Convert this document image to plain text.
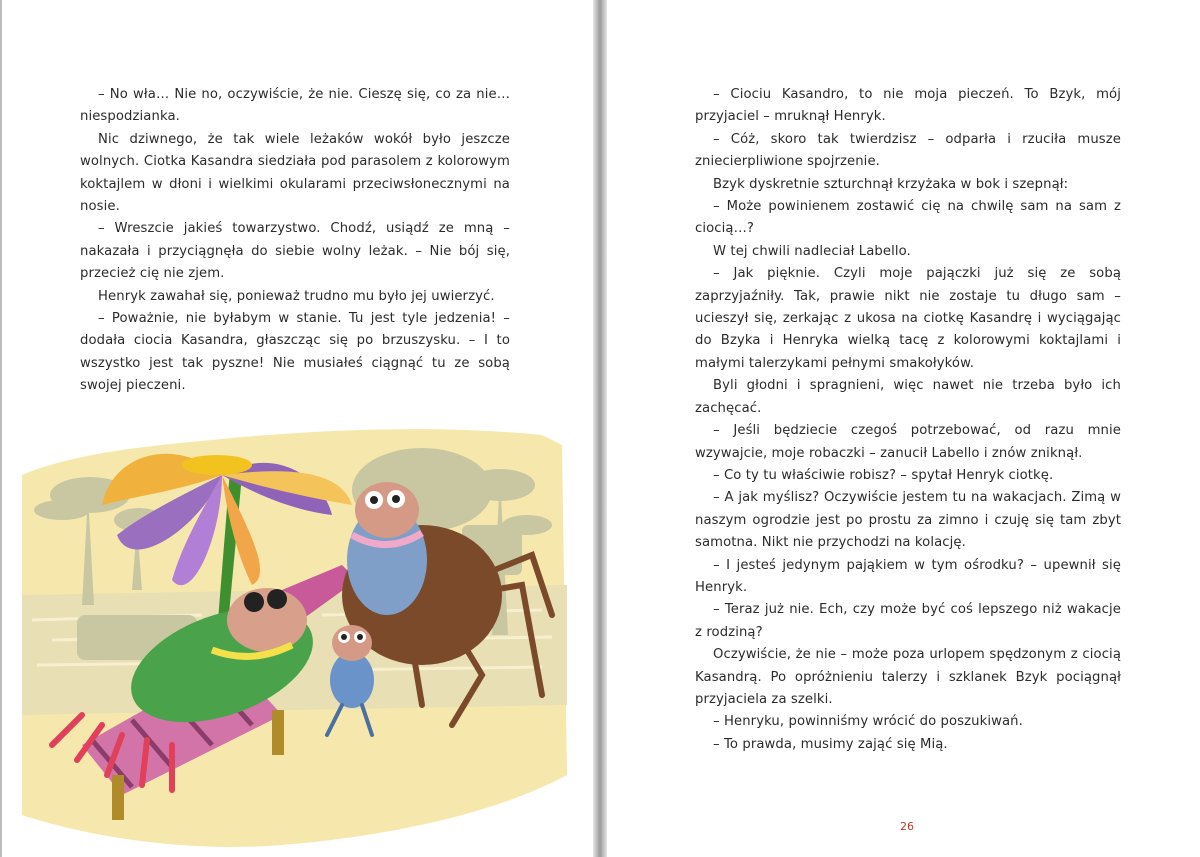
– No wła… Nie no, oczywiście, że nie. Cieszę się, co za nie… niespodzianka.

Nic dziwnego, że tak wiele leżaków wokół było jeszcze wolnych. Ciotka Kasandra siedziała pod parasolem z kolorowym koktajlem w dłoni i wielkimi okularami przeciwsłonecznymi na nosie.

– Wreszcie jakieś towarzystwo. Chodź, usiądź ze mną – nakazała i przyciągnęła do siebie wolny leżak. – Nie bój się, przecież cię nie zjem.

Henryk zawahał się, ponieważ trudno mu było jej uwierzyć.

– Poważnie, nie byłabym w stanie. Tu jest tyle jedzenia! – dodała ciocia Kasandra, głaszcząc się po brzuszysku. – I to wszystko jest tak pyszne! Nie musiałeś ciągnąć tu ze sobą swojej pieczeni.

– Ciociu Kasandro, to nie moja pieczeń. To Bzyk, mój przyjaciel – mruknął Henryk.

– Cóż, skoro tak twierdzisz – odparła i rzuciła musze zniecierpliwione spojrzenie.

Bzyk dyskretnie szturchnął krzyżaka w bok i szepnął:

– Może powinienem zostawić cię na chwilę sam na sam z ciocią…?

W tej chwili nadleciał Labello.

– Jak pięknie. Czyli moje pajączki już się ze sobą zaprzyjaźniły. Tak, prawie nikt nie zostaje tu długo sam – ucieszył się, zerkając z ukosa na ciotkę Kasandrę i wyciągając do Bzyka i Henryka wielką tacę z kolorowymi koktajlami i małymi talerzykami pełnymi smakołyków.

Byli głodni i spragnieni, więc nawet nie trzeba było ich zachęcać.

– Jeśli będziecie czegoś potrzebować, od razu mnie wzywajcie, moje robaczki – zanucił Labello i znów zniknął.

– Co ty tu właściwie robisz? – spytał Henryk ciotkę.

– A jak myślisz? Oczywiście jestem tu na wakacjach. Zimą w naszym ogrodzie jest po prostu za zimno i czuję się tam zbyt samotna. Nikt nie przychodzi na kolację.

– I jesteś jedynym pająkiem w tym ośrodku? – upewnił się Henryk.

– Teraz już nie. Ech, czy może być coś lepszego niż wakacje z rodziną?

Oczywiście, że nie – może poza urlopem spędzonym z ciocią Kasandrą. Po opróżnieniu talerzy i szklanek Bzyk pociągnął przyjaciela za szelki.

– Henryku, powinniśmy wrócić do poszukiwań.

– To prawda, musimy zająć się Mią.

26
